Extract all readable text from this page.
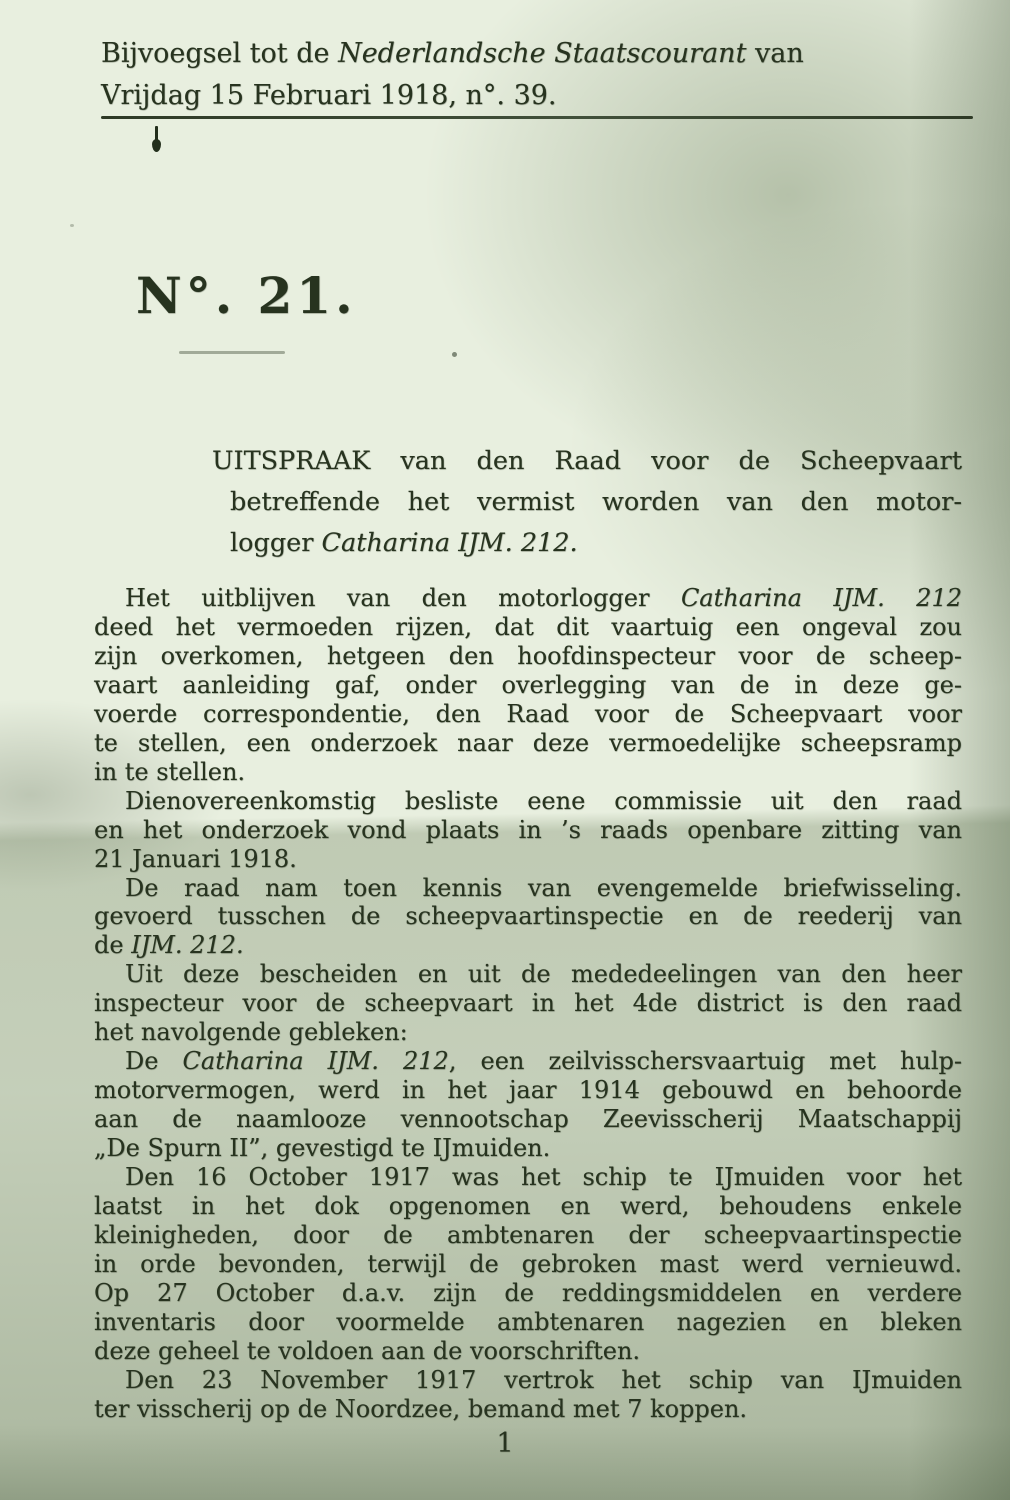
Bijvoegsel tot de Nederlandsche Staatscourant van
Vrijdag 15 Februari 1918, n°. 39.
N°. 21.
UITSPRAAK van den Raad voor de Scheepvaart
betreffende het vermist worden van den motor-
logger Catharina IJM. 212.
Het uitblijven van den motorlogger Catharina IJM. 212
deed het vermoeden rijzen, dat dit vaartuig een ongeval zou
zijn overkomen, hetgeen den hoofdinspecteur voor de scheep-
vaart aanleiding gaf, onder overlegging van de in deze ge-
voerde correspondentie, den Raad voor de Scheepvaart voor
te stellen, een onderzoek naar deze vermoedelijke scheepsramp
in te stellen.
Dienovereenkomstig besliste eene commissie uit den raad
en het onderzoek vond plaats in ’s raads openbare zitting van
21 Januari 1918.
De raad nam toen kennis van evengemelde briefwisseling.
gevoerd tusschen de scheepvaartinspectie en de reederij van
de IJM. 212.
Uit deze bescheiden en uit de mededeelingen van den heer
inspecteur voor de scheepvaart in het 4de district is den raad
het navolgende gebleken:
De Catharina IJM. 212, een zeilvisschersvaartuig met hulp-
motorvermogen, werd in het jaar 1914 gebouwd en behoorde
aan de naamlooze vennootschap Zeevisscherij Maatschappij
„De Spurn II”, gevestigd te IJmuiden.
Den 16 October 1917 was het schip te IJmuiden voor het
laatst in het dok opgenomen en werd, behoudens enkele
kleinigheden, door de ambtenaren der scheepvaartinspectie
in orde bevonden, terwijl de gebroken mast werd vernieuwd.
Op 27 October d.a.v. zijn de reddingsmiddelen en verdere
inventaris door voormelde ambtenaren nagezien en bleken
deze geheel te voldoen aan de voorschriften.
Den 23 November 1917 vertrok het schip van IJmuiden
ter visscherij op de Noordzee, bemand met 7 koppen.
1
